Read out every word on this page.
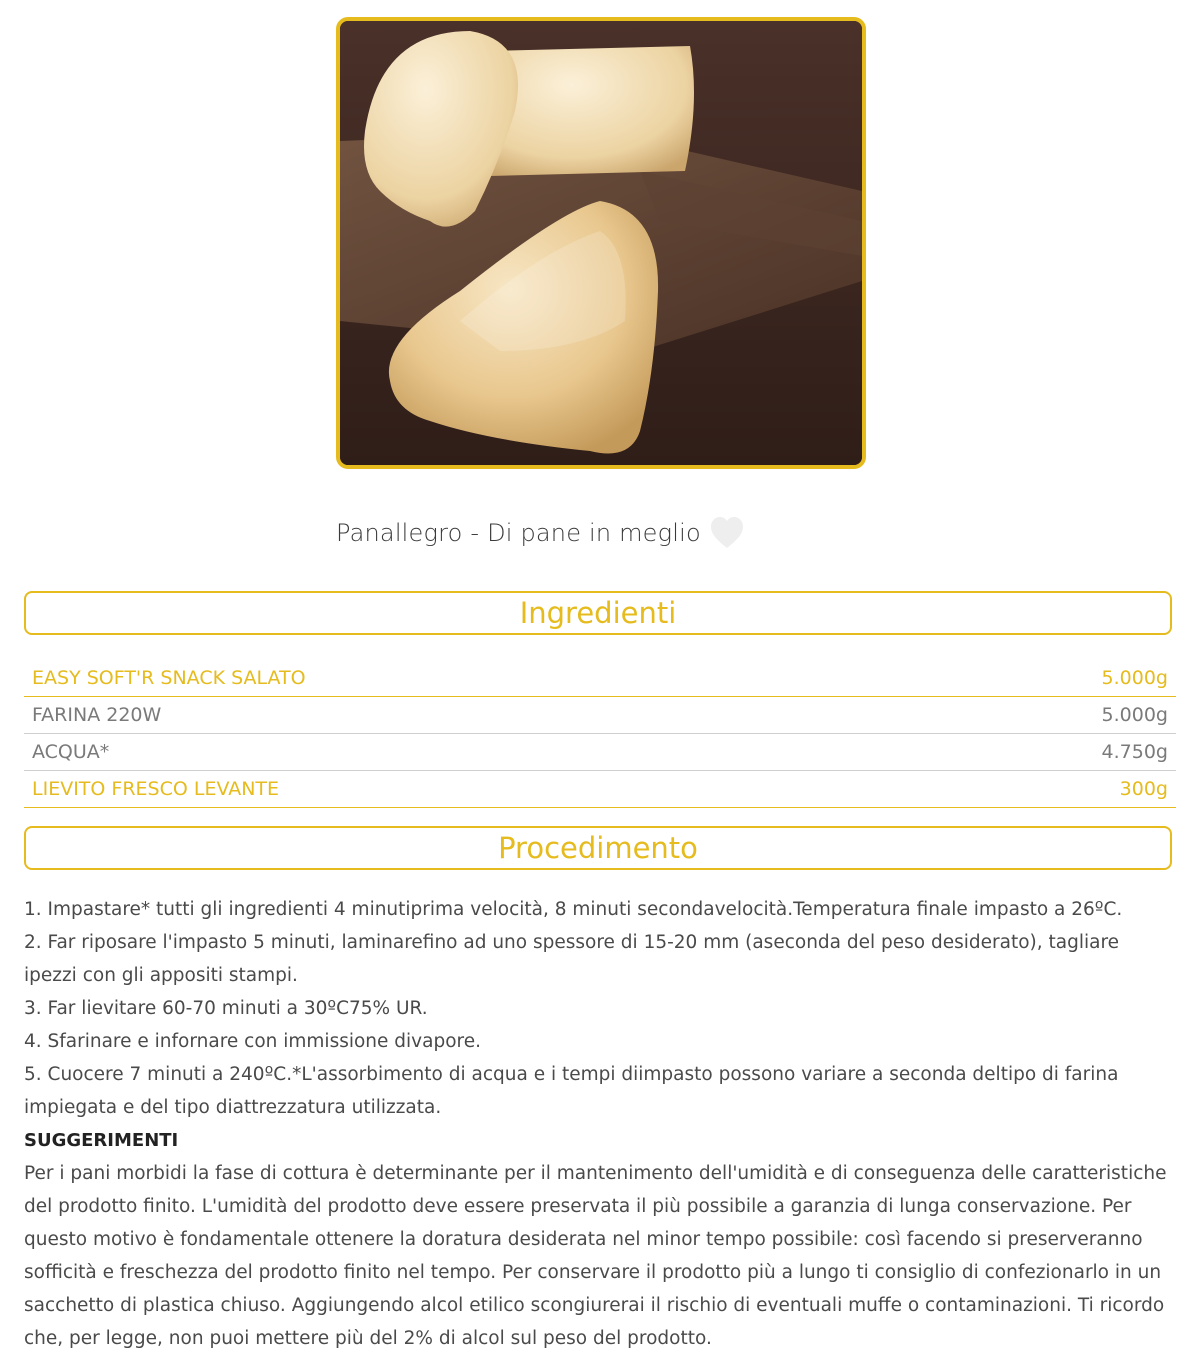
Panallegro - Di pane in meglio
Ingredienti
EASY SOFT'R SNACK SALATO	5.000g
FARINA 220W	5.000g
ACQUA*	4.750g
LIEVITO FRESCO LEVANTE	300g
Procedimento

1. Impastare* tutti gli ingredienti 4 minutiprima velocità, 8 minuti secondavelocità.Temperatura finale impasto a 26ºC.

2. Far riposare l'impasto 5 minuti, laminarefino ad uno spessore di 15-20 mm (aseconda del peso desiderato), tagliare ipezzi con gli appositi stampi.

3. Far lievitare 60-70 minuti a 30ºC75% UR.

4. Sfarinare e infornare con immissione divapore.

5. Cuocere 7 minuti a 240ºC.*L'assorbimento di acqua e i tempi diimpasto possono variare a seconda deltipo di farina impiegata e del tipo diattrezzatura utilizzata.

SUGGERIMENTI

Per i pani morbidi la fase di cottura è determinante per il mantenimento dell'umidità e di conseguenza delle caratteristiche del prodotto finito. L'umidità del prodotto deve essere preservata il più possibile a garanzia di lunga conservazione. Per questo motivo è fondamentale ottenere la doratura desiderata nel minor tempo possibile: così facendo si preserveranno sofficità e freschezza del prodotto finito nel tempo. Per conservare il prodotto più a lungo ti consiglio di confezionarlo in un sacchetto di plastica chiuso. Aggiungendo alcol etilico scongiurerai il rischio di eventuali muffe o contaminazioni. Ti ricordo che, per legge, non puoi mettere più del 2% di alcol sul peso del prodotto.
